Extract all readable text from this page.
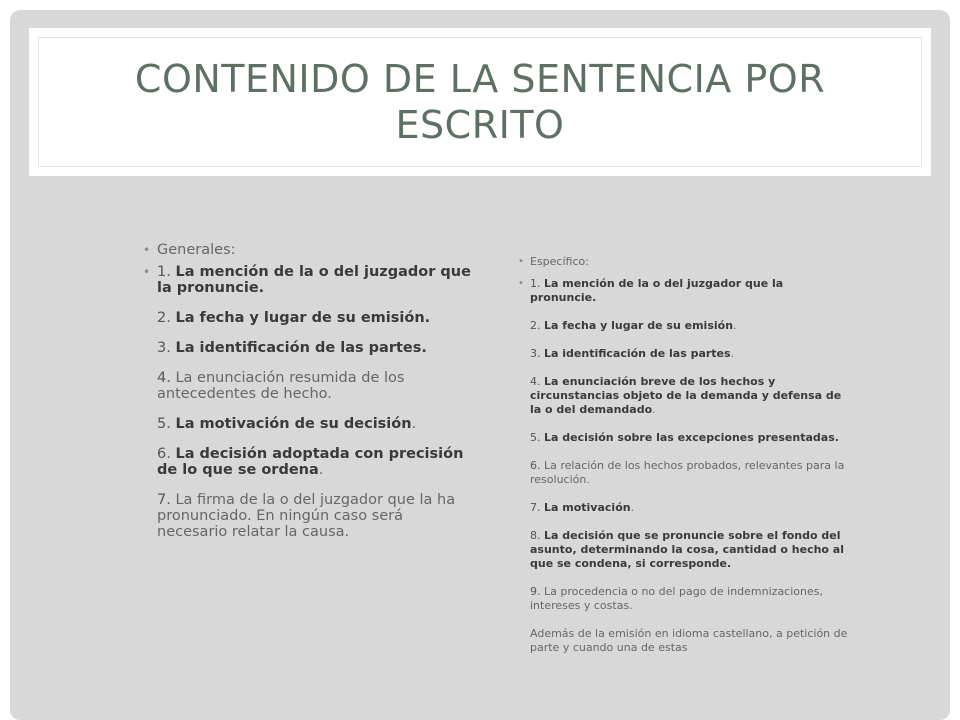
CONTENIDO DE LA SENTENCIA POR ESCRITO
• Generales:
• 1. La mención de la o del juzgador que la pronuncie.
2. La fecha y lugar de su emisión.
3. La identificación de las partes.
4. La enunciación resumida de los antecedentes de hecho.
5. La motivación de su decisión.
6. La decisión adoptada con precisión de lo que se ordena.
7. La firma de la o del juzgador que la ha pronunciado. En ningún caso será necesario relatar la causa.
• Específico:
• 1. La mención de la o del juzgador que la pronuncie.
2. La fecha y lugar de su emisión.
3. La identificación de las partes.
4. La enunciación breve de los hechos y circunstancias objeto de la demanda y defensa de la o del demandado.
5. La decisión sobre las excepciones presentadas.
6. La relación de los hechos probados, relevantes para la resolución.
7. La motivación.
8. La decisión que se pronuncie sobre el fondo del asunto, determinando la cosa, cantidad o hecho al que se condena, si corresponde.
9. La procedencia o no del pago de indemnizaciones, intereses y costas.
Además de la emisión en idioma castellano, a petición de parte y cuando una de estas
